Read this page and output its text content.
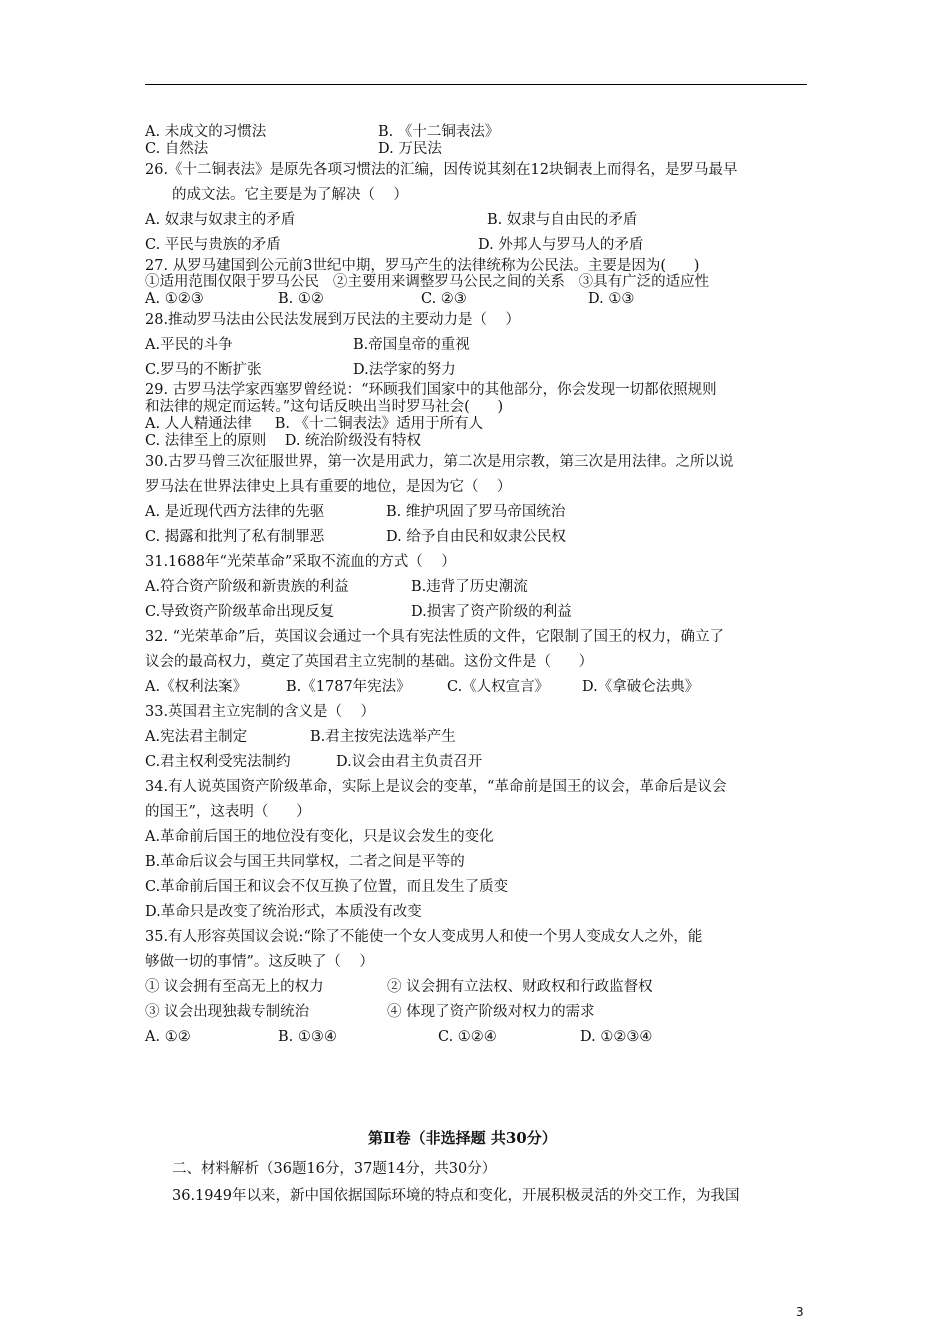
A. 未成文的习惯法	B. 《十二铜表法》
C. 自然法	D. 万民法
26.《十二铜表法》是原先各项习惯法的汇编，因传说其刻在12块铜表上而得名，是罗马最早
的成文法。它主要是为了解决（    ）
A. 奴隶与奴隶主的矛盾	B. 奴隶与自由民的矛盾
C. 平民与贵族的矛盾	D. 外邦人与罗马人的矛盾
27. 从罗马建国到公元前3世纪中期，罗马产生的法律统称为公民法。主要是因为(      )
①适用范围仅限于罗马公民   ②主要用来调整罗马公民之间的关系   ③具有广泛的适应性
A. ①②③	B. ①②	C. ②③	D. ①③
28.推动罗马法由公民法发展到万民法的主要动力是（    ）
A.平民的斗争	B.帝国皇帝的重视
C.罗马的不断扩张	D.法学家的努力
29. 古罗马法学家西塞罗曾经说：“环顾我们国家中的其他部分，你会发现一切都依照规则
和法律的规定而运转。”这句话反映出当时罗马社会(      )
A. 人人精通法律     B. 《十二铜表法》适用于所有人
C. 法律至上的原则    D. 统治阶级没有特权
30.古罗马曾三次征服世界，第一次是用武力，第二次是用宗教，第三次是用法律。之所以说
罗马法在世界法律史上具有重要的地位，是因为它（    ）
A. 是近现代西方法律的先驱	B. 维护巩固了罗马帝国统治
C. 揭露和批判了私有制罪恶	D. 给予自由民和奴隶公民权
31.1688年“光荣革命”采取不流血的方式（    ）
A.符合资产阶级和新贵族的利益	B.违背了历史潮流
C.导致资产阶级革命出现反复	D.损害了资产阶级的利益
32. “光荣革命”后，英国议会通过一个具有宪法性质的文件，它限制了国王的权力，确立了
议会的最高权力，奠定了英国君主立宪制的基础。这份文件是（      ）
A.《权利法案》	B.《1787年宪法》	C.《人权宣言》 D.《拿破仑法典》
33.英国君主立宪制的含义是（    ）
A.宪法君主制定	B.君主按宪法选举产生
C.君主权利受宪法制约	D.议会由君主负责召开
34.有人说英国资产阶级革命，实际上是议会的变革，“革命前是国王的议会，革命后是议会
的国王”，这表明（      ）
A.革命前后国王的地位没有变化，只是议会发生的变化
B.革命后议会与国王共同掌权，二者之间是平等的
C.革命前后国王和议会不仅互换了位置，而且发生了质变
D.革命只是改变了统治形式，本质没有改变
35.有人形容英国议会说:“除了不能使一个女人变成男人和使一个男人变成女人之外，能
够做一切的事情”。这反映了（    ）
① 议会拥有至高无上的权力	② 议会拥有立法权、财政权和行政监督权
③ 议会出现独裁专制统治	④ 体现了资产阶级对权力的需求
A. ①②	B. ①③④	C. ①②④	D. ①②③④
第Ⅱ卷（非选择题 共30分）
二、材料解析（36题16分，37题14分，共30分）
36.1949年以来，新中国依据国际环境的特点和变化，开展积极灵活的外交工作，为我国
3
